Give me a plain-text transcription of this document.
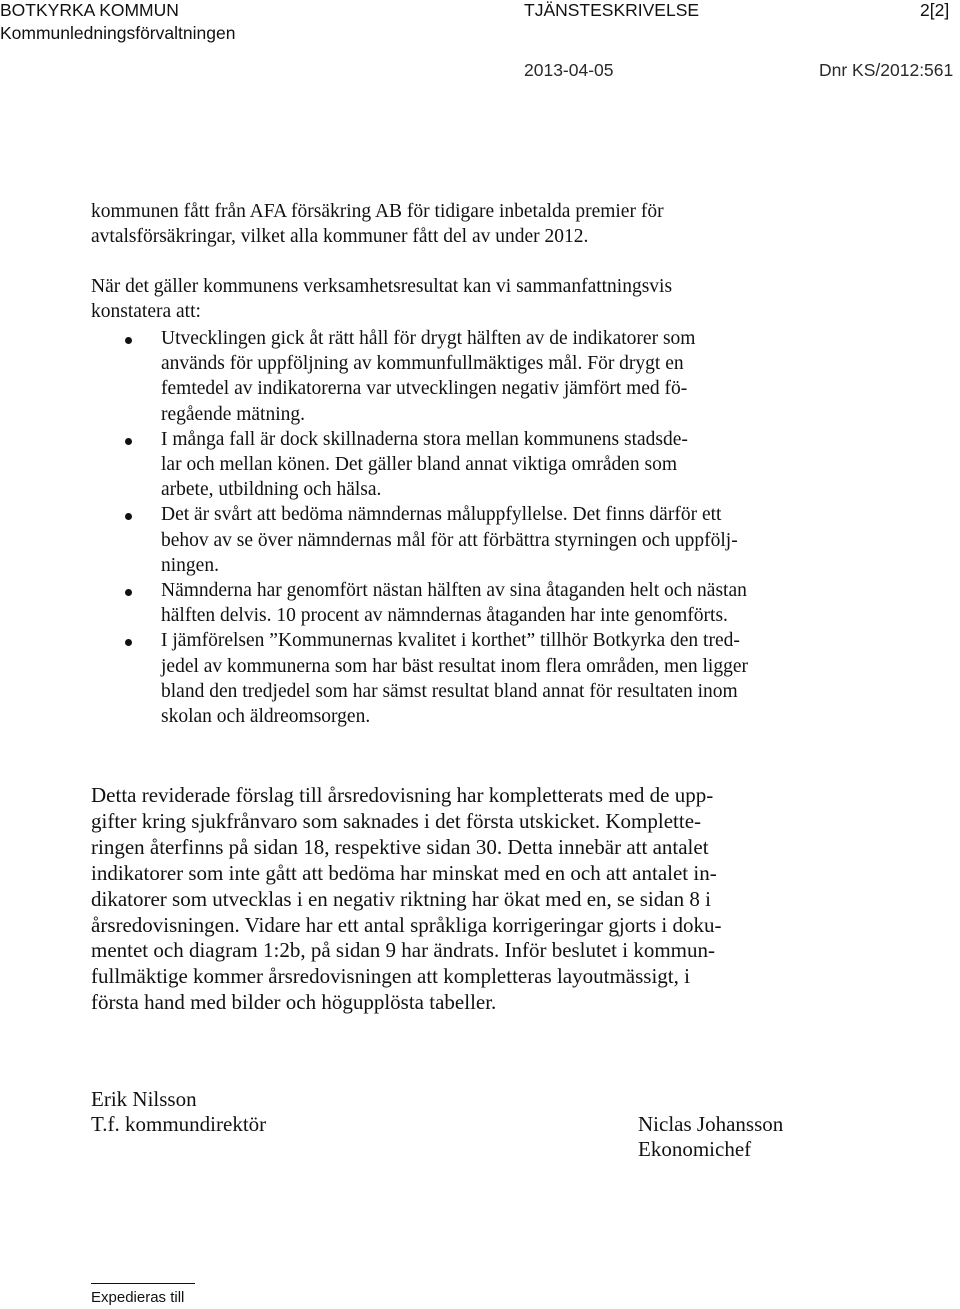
BOTKYRKA KOMMUN	TJÄNSTESKRIVELSE	2[2]
Kommunledningsförvaltningen
2013-04-05	Dnr KS/2012:561

kommunen fått från AFA försäkring AB för tidigare inbetalda premier för
avtalsförsäkringar, vilket alla kommuner fått del av under 2012.

När det gäller kommunens verksamhetsresultat kan vi sammanfattningsvis
konstatera att:

Utvecklingen gick åt rätt håll för drygt hälften av de indikatorer som
används för uppföljning av kommunfullmäktiges mål. För drygt en
femtedel av indikatorerna var utvecklingen negativ jämfört med fö-
regående mätning.
I många fall är dock skillnaderna stora mellan kommunens stadsde-
lar och mellan könen. Det gäller bland annat viktiga områden som
arbete, utbildning och hälsa.
Det är svårt att bedöma nämndernas måluppfyllelse. Det finns därför ett
behov av se över nämndernas mål för att förbättra styrningen och uppfölj-
ningen.
Nämnderna har genomfört nästan hälften av sina åtaganden helt och nästan
hälften delvis. 10 procent av nämndernas åtaganden har inte genomförts.
I jämförelsen ”Kommunernas kvalitet i korthet” tillhör Botkyrka den tred-
jedel av kommunerna som har bäst resultat inom flera områden, men ligger
bland den tredjedel som har sämst resultat bland annat för resultaten inom
skolan och äldreomsorgen.

Detta reviderade förslag till årsredovisning har kompletterats med de upp-
gifter kring sjukfrånvaro som saknades i det första utskicket. Komplette-
ringen återfinns på sidan 18, respektive sidan 30. Detta innebär att antalet
indikatorer som inte gått att bedöma har minskat med en och att antalet in-
dikatorer som utvecklas i en negativ riktning har ökat med en, se sidan 8 i
årsredovisningen. Vidare har ett antal språkliga korrigeringar gjorts i doku-
mentet och diagram 1:2b, på sidan 9 har ändrats. Inför beslutet i kommun-
fullmäktige kommer årsredovisningen att kompletteras layoutmässigt, i
första hand med bilder och högupplösta tabeller.

Erik Nilsson
T.f. kommundirektör	Niclas Johansson
Ekonomichef
Expedieras till
